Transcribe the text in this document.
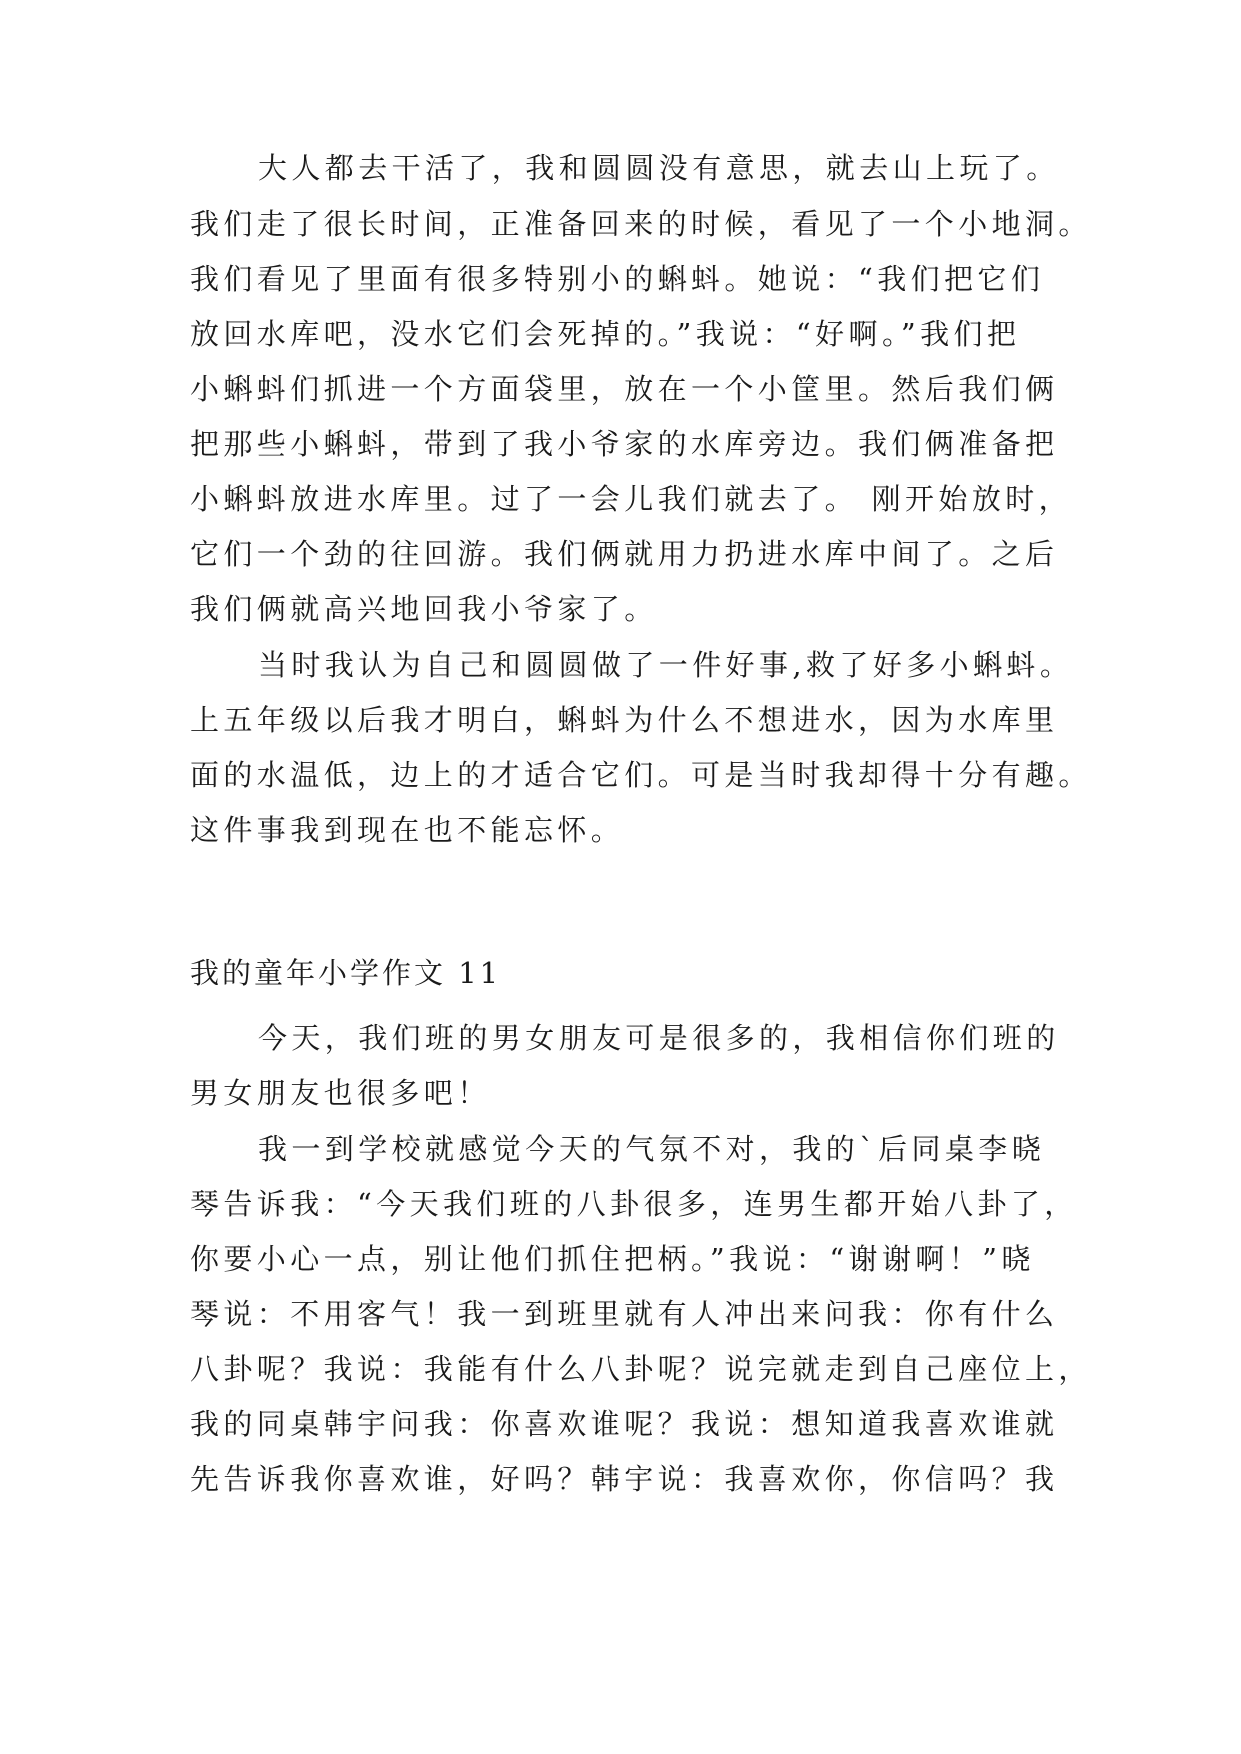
大人都去干活了，我和圆圆没有意思，就去山上玩了。
我们走了很长时间，正准备回来的时候，看见了一个小地洞。
我们看见了里面有很多特别小的蝌蚪。她说：“我们把它们
放回水库吧，没水它们会死掉的。”我说：“好啊。”我们把
小蝌蚪们抓进一个方面袋里，放在一个小筐里。然后我们俩
把那些小蝌蚪，带到了我小爷家的水库旁边。我们俩准备把
小蝌蚪放进水库里。过了一会儿我们就去了。 刚开始放时，
它们一个劲的往回游。我们俩就用力扔进水库中间了。之后
我们俩就高兴地回我小爷家了。
当时我认为自己和圆圆做了一件好事,救了好多小蝌蚪。
上五年级以后我才明白，蝌蚪为什么不想进水，因为水库里
面的水温低，边上的才适合它们。可是当时我却得十分有趣。
这件事我到现在也不能忘怀。
我的童年小学作文 11
今天，我们班的男女朋友可是很多的，我相信你们班的
男女朋友也很多吧！
我一到学校就感觉今天的气氛不对，我的`后同桌李晓
琴告诉我：“今天我们班的八卦很多，连男生都开始八卦了，
你要小心一点，别让他们抓住把柄。”我说：“谢谢啊！”晓
琴说：不用客气！我一到班里就有人冲出来问我：你有什么
八卦呢？我说：我能有什么八卦呢？说完就走到自己座位上，
我的同桌韩宇问我：你喜欢谁呢？我说：想知道我喜欢谁就
先告诉我你喜欢谁，好吗？韩宇说：我喜欢你，你信吗？我
